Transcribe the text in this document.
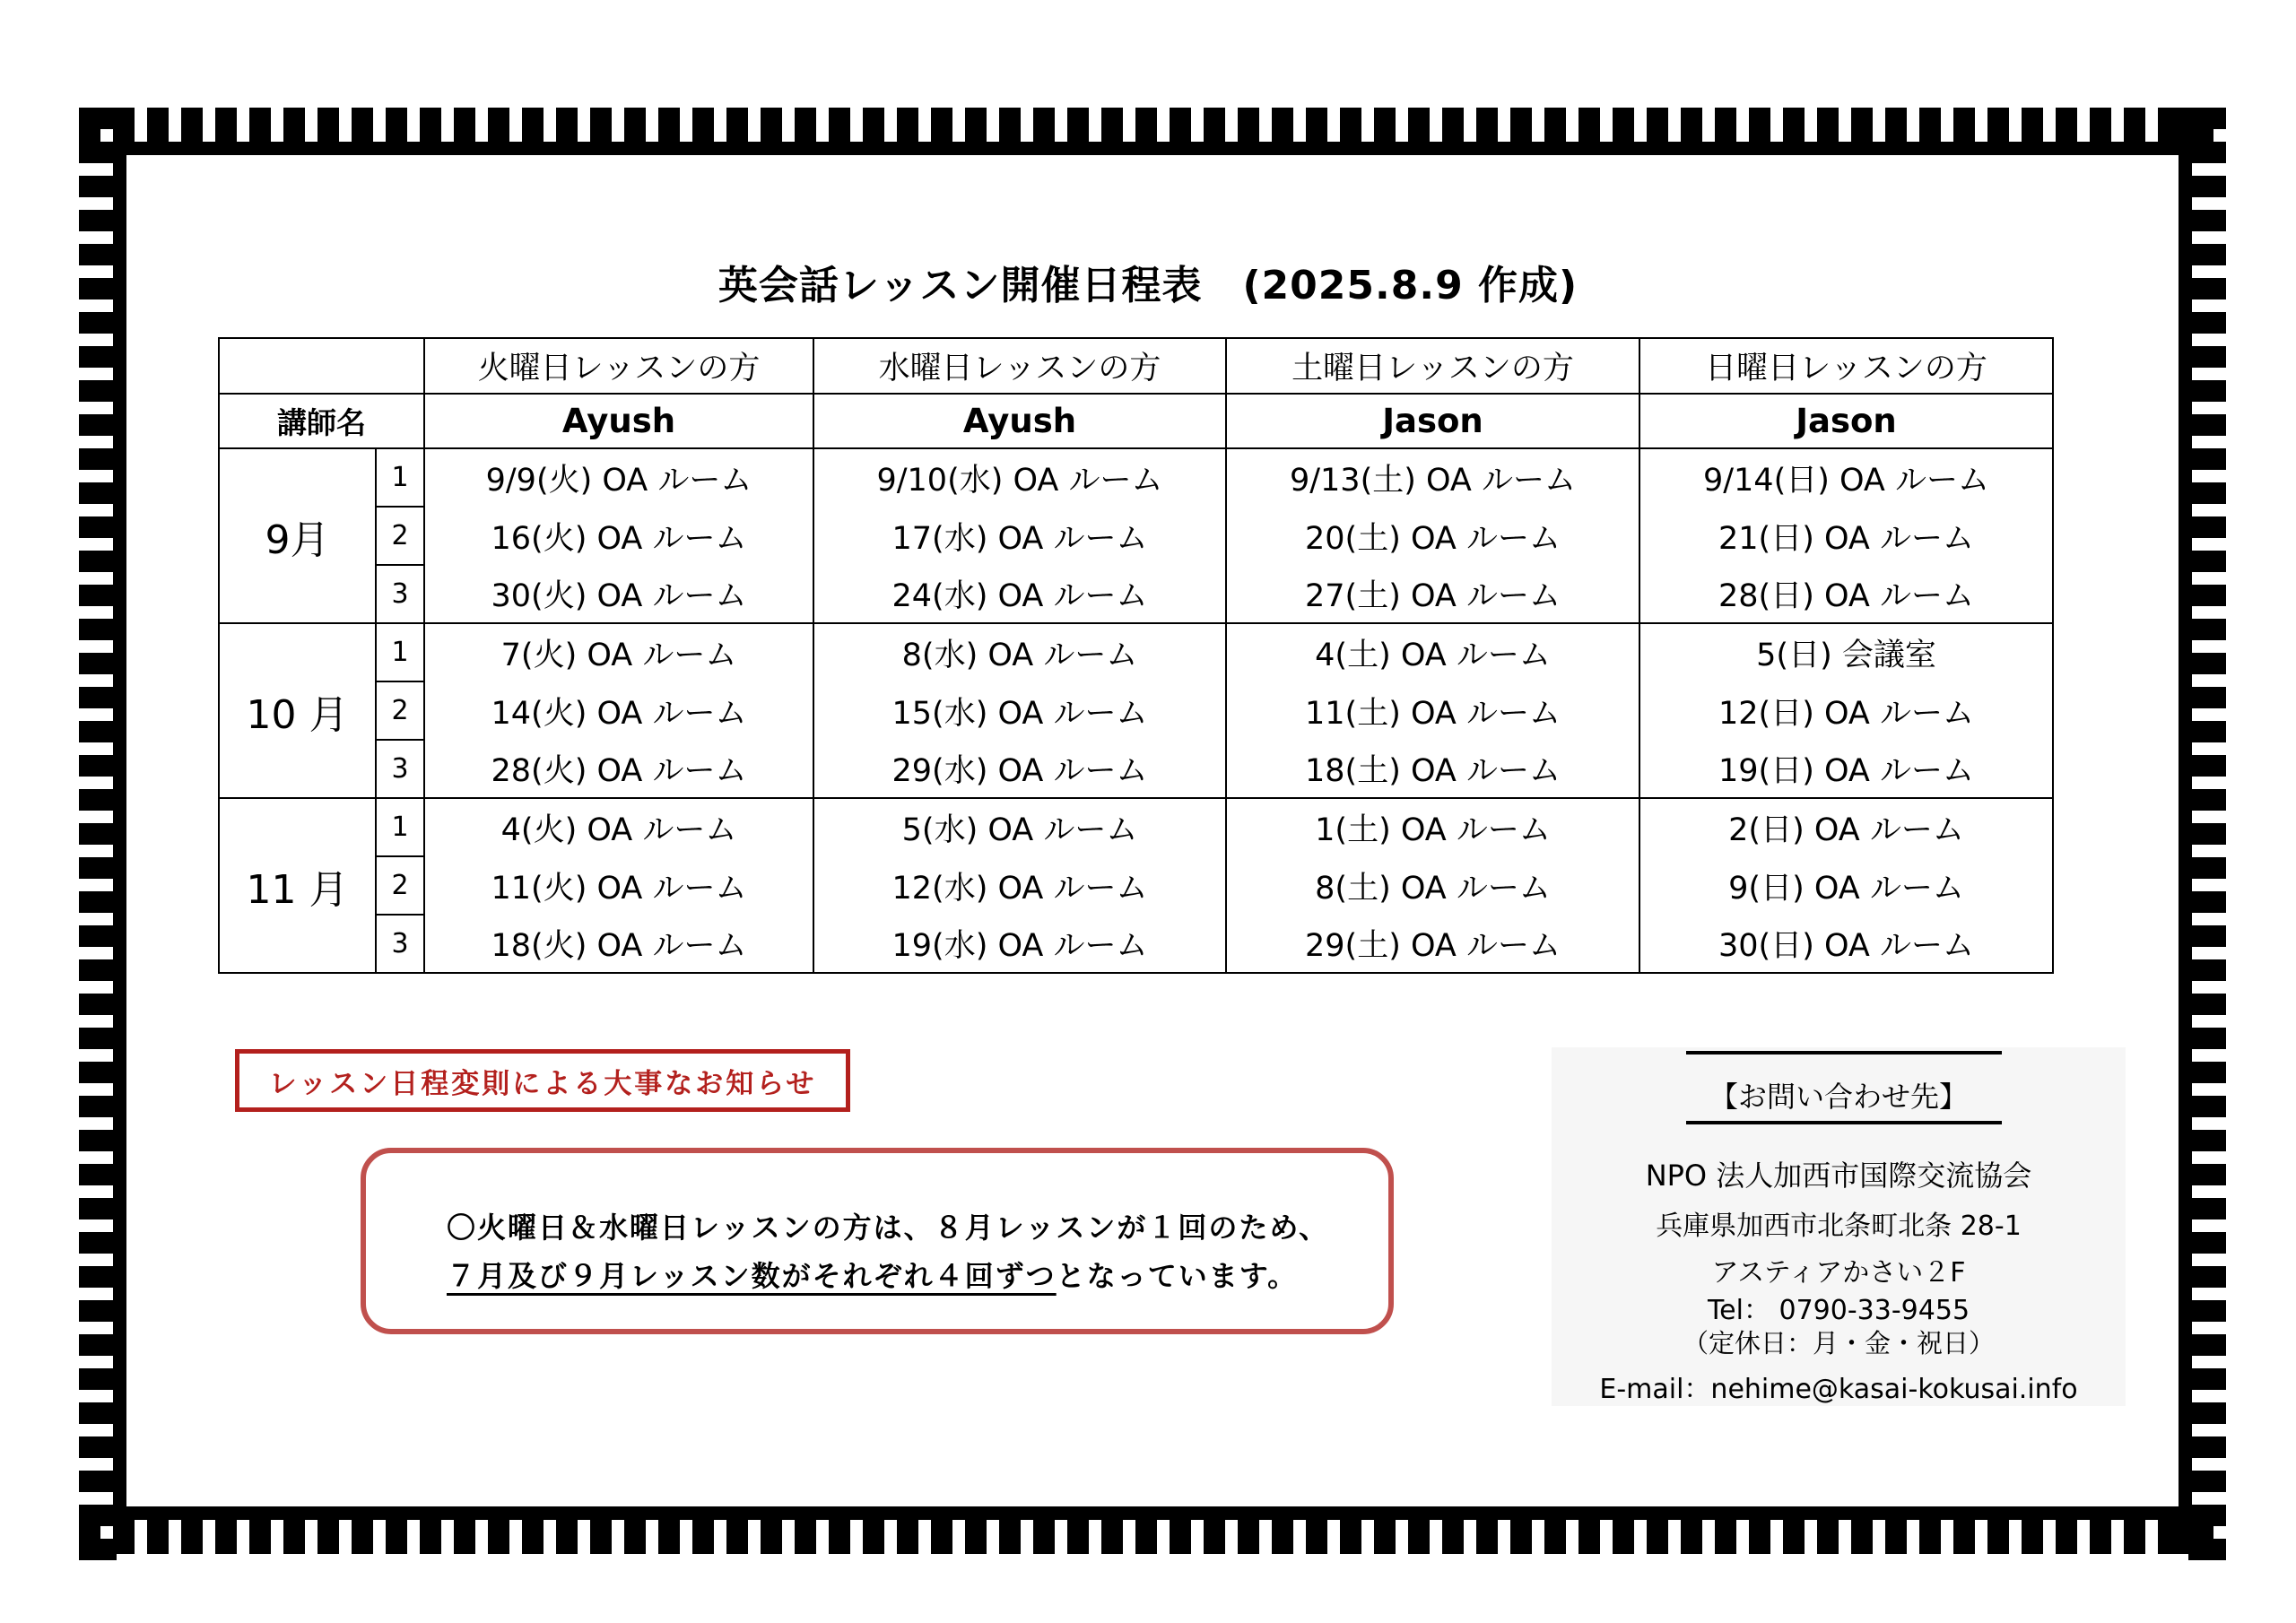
英会話レッスン開催日程表　(2025.8.9 作成)
		火曜日レッスンの方	水曜日レッスンの方	土曜日レッスンの方	日曜日レッスンの方
講師名		Ayush	Ayush	Jason	Jason
9月	1	9/9(火) OA ルーム	9/10(水) OA ルーム	9/13(土) OA ルーム	9/14(日) OA ルーム
	2	16(火) OA ルーム	17(水) OA ルーム	20(土) OA ルーム	21(日) OA ルーム
	3	30(火) OA ルーム	24(水) OA ルーム	27(土) OA ルーム	28(日) OA ルーム
10 月	1	7(火) OA ルーム	8(水) OA ルーム	4(土) OA ルーム	5(日) 会議室
	2	14(火) OA ルーム	15(水) OA ルーム	11(土) OA ルーム	12(日) OA ルーム
	3	28(火) OA ルーム	29(水) OA ルーム	18(土) OA ルーム	19(日) OA ルーム
11 月	1	4(火) OA ルーム	5(水) OA ルーム	1(土) OA ルーム	2(日) OA ルーム
	2	11(火) OA ルーム	12(水) OA ルーム	8(土) OA ルーム	9(日) OA ルーム
	3	18(火) OA ルーム	19(水) OA ルーム	29(土) OA ルーム	30(日) OA ルーム
レッスン日程変則による大事なお知らせ
〇火曜日＆水曜日レッスンの方は、８月レッスンが１回のため、
７月及び９月レッスン数がそれぞれ４回ずつとなっています。
【お問い合わせ先】
NPO 法人加西市国際交流協会
兵庫県加西市北条町北条 28-1
アスティアかさい２F
Tel： 0790-33-9455
（定休日：月・金・祝日）
E-mail：nehime@kasai-kokusai.info
